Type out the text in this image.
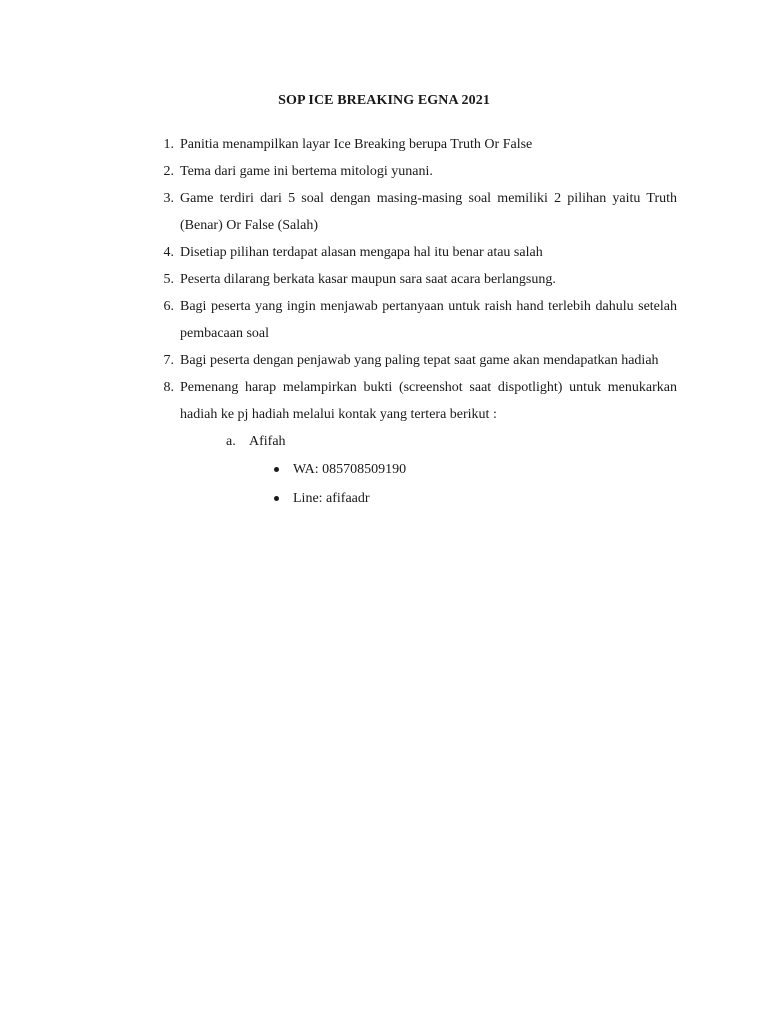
SOP ICE BREAKING EGNA 2021
1. Panitia menampilkan layar Ice Breaking berupa Truth Or False
2. Tema dari game ini bertema mitologi yunani.
3. Game terdiri dari 5 soal dengan masing-masing soal memiliki 2 pilihan yaitu Truth (Benar) Or False (Salah)
4. Disetiap pilihan terdapat alasan mengapa hal itu benar atau salah
5. Peserta dilarang berkata kasar maupun sara saat acara berlangsung.
6. Bagi peserta yang ingin menjawab pertanyaan untuk raish hand terlebih dahulu setelah pembacaan soal
7. Bagi peserta dengan penjawab yang paling tepat saat game akan mendapatkan hadiah
8. Pemenang harap melampirkan bukti (screenshot saat dispotlight) untuk menukarkan hadiah ke pj hadiah melalui kontak yang tertera berikut :
a. Afifah
WA: 085708509190
Line: afifaadr
